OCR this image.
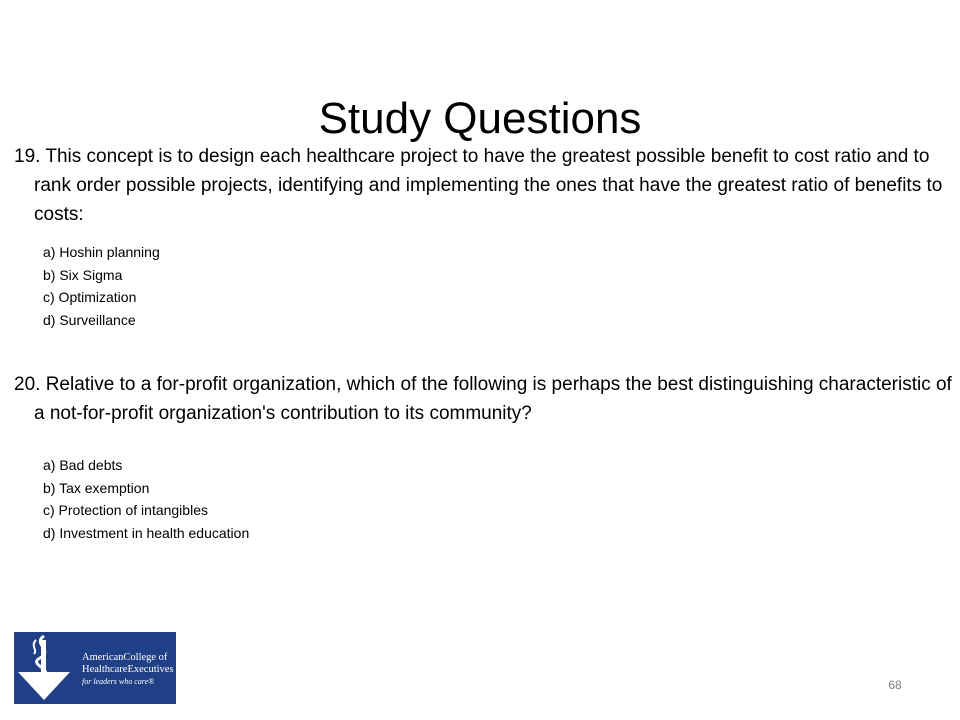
Study Questions
19. This concept is to design each healthcare project to have the greatest possible benefit to cost ratio and to rank order possible projects, identifying and implementing the ones that have the greatest ratio of benefits to costs:
a) Hoshin planning
b) Six Sigma
c) Optimization
d) Surveillance
20. Relative to a for-profit organization, which of the following is perhaps the best distinguishing characteristic of a not-for-profit organization's contribution to its community?
a) Bad debts
b) Tax exemption
c) Protection of intangibles
d) Investment in health education
AmericanCollege of
HealthcareExecutives
for leaders who care®	68
